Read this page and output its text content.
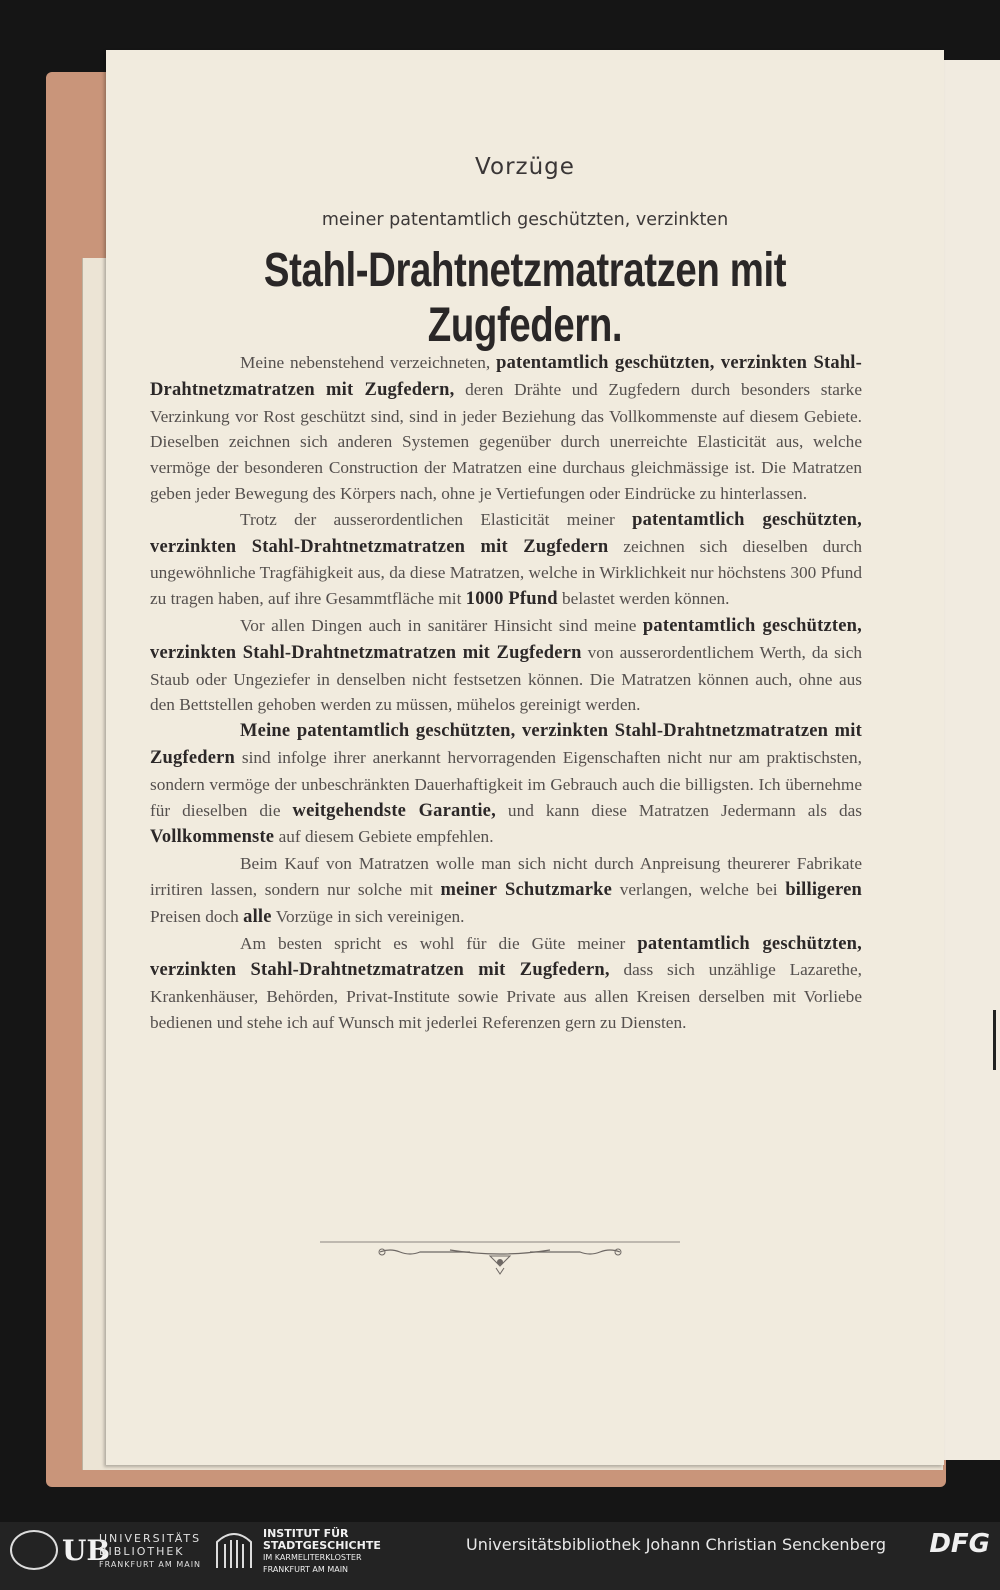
Vorzüge
meiner patentamtlich geschützten, verzinkten
Stahl-Drahtnetzmatratzen mit Zugfedern.

Meine nebenstehend verzeichneten, patentamtlich geschützten, verzinkten Stahl-Drahtnetzmatratzen mit Zugfedern, deren Drähte und Zugfedern durch besonders starke Verzinkung vor Rost geschützt sind, sind in jeder Beziehung das Vollkommenste auf diesem Gebiete. Dieselben zeichnen sich anderen Systemen gegenüber durch unerreichte Elasticität aus, welche vermöge der besonderen Construction der Matratzen eine durchaus gleichmässige ist. Die Matratzen geben jeder Bewegung des Körpers nach, ohne je Vertiefungen oder Eindrücke zu hinterlassen.

Trotz der ausserordentlichen Elasticität meiner patentamtlich geschützten, verzinkten Stahl-Drahtnetzmatratzen mit Zugfedern zeichnen sich dieselben durch ungewöhnliche Tragfähigkeit aus, da diese Matratzen, welche in Wirklichkeit nur höchstens 300 Pfund zu tragen haben, auf ihre Gesammtfläche mit 1000 Pfund belastet werden können.

Vor allen Dingen auch in sanitärer Hinsicht sind meine patentamtlich geschützten, verzinkten Stahl-Drahtnetzmatratzen mit Zugfedern von ausserordentlichem Werth, da sich Staub oder Ungeziefer in denselben nicht festsetzen können. Die Matratzen können auch, ohne aus den Bettstellen gehoben werden zu müssen, mühelos gereinigt werden.

Meine patentamtlich geschützten, verzinkten Stahl-Drahtnetzmatratzen mit Zugfedern sind infolge ihrer anerkannt hervorragenden Eigenschaften nicht nur am praktischsten, sondern vermöge der unbeschränkten Dauerhaftigkeit im Gebrauch auch die billigsten. Ich übernehme für dieselben die weitgehendste Garantie, und kann diese Matratzen Jedermann als das Vollkommenste auf diesem Gebiete empfehlen.

Beim Kauf von Matratzen wolle man sich nicht durch Anpreisung theurerer Fabrikate irritiren lassen, sondern nur solche mit meiner Schutzmarke verlangen, welche bei billigeren Preisen doch alle Vorzüge in sich vereinigen.

Am besten spricht es wohl für die Güte meiner patentamtlich geschützten, verzinkten Stahl-Drahtnetzmatratzen mit Zugfedern, dass sich unzählige Lazarethe, Krankenhäuser, Behörden, Privat-Institute sowie Private aus allen Kreisen derselben mit Vorliebe bedienen und stehe ich auf Wunsch mit jederlei Referenzen gern zu Diensten.

UB
UNIVERSITÄTS
BIBLIOTHEK
FRANKFURT AM MAIN
INSTITUT FÜR
STADTGESCHICHTE
IM KARMELITERKLOSTER
FRANKFURT AM MAIN
Universitätsbibliothek Johann Christian Senckenberg DFG
